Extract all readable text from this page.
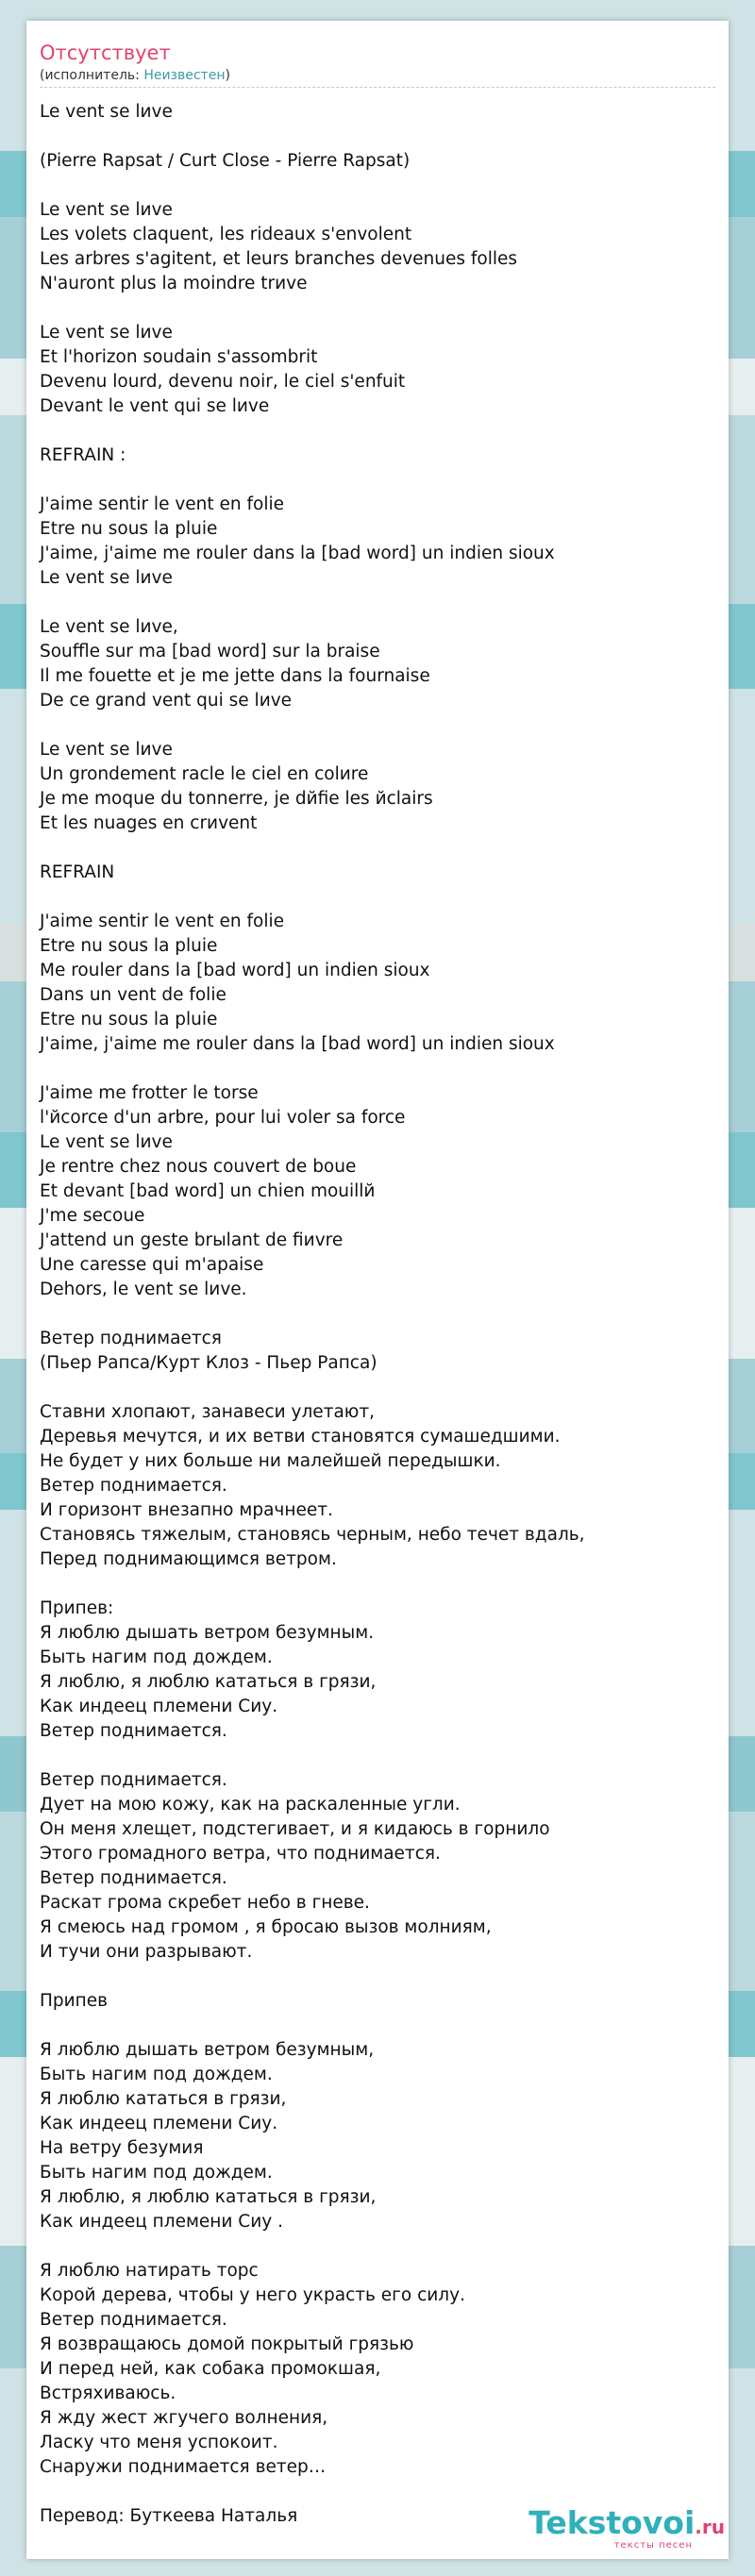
Отсутствует
(исполнитель: Неизвестен)
Le vent se lиve
(Pierre Rapsat / Curt Close - Pierre Rapsat)
Le vent se lиve
Les volets claquent, les rideaux s'envolent
Les arbres s'agitent, et leurs branches devenues folles
N'auront plus la moindre trиve
Le vent se lиve
Et l'horizon soudain s'assombrit
Devenu lourd, devenu noir, le ciel s'enfuit
Devant le vent qui se lиve
REFRAIN :
J'aime sentir le vent en folie
Etre nu sous la pluie
J'aime, j'aime me rouler dans la [bad word] un indien sioux
Le vent se lиve
Le vent se lиve,
Souffle sur ma [bad word] sur la braise
Il me fouette et je me jette dans la fournaise
De ce grand vent qui se lиve
Le vent se lиve
Un grondement racle le ciel en colиre
Je me moque du tonnerre, je dйfie les йclairs
Et les nuages en crиvent
REFRAIN
J'aime sentir le vent en folie
Etre nu sous la pluie
Me rouler dans la [bad word] un indien sioux
Dans un vent de folie
Etre nu sous la pluie
J'aime, j'aime me rouler dans la [bad word] un indien sioux
J'aime me frotter le torse
l'йcorce d'un arbre, pour lui voler sa force
Le vent se lиve
Je rentre chez nous couvert de boue
Et devant [bad word] un chien mouillй
J'me secoue
J'attend un geste brыlant de fiиvre
Une caresse qui m'apaise
Dehors, le vent se lиve.
Ветер поднимается
(Пьер Рапса/Курт Клоз - Пьер Рапса)
Ставни хлопают, занавеси улетают,
Деревья мечутся, и их ветви становятся сумашедшими.
Не будет у них больше ни малейшей передышки.
Ветер поднимается.
И горизонт внезапно мрачнеет.
Становясь тяжелым, становясь черным, небо течет вдаль,
Перед поднимающимся ветром.
Припев:
Я люблю дышать ветром безумным.
Быть нагим под дождем.
Я люблю, я люблю кататься в грязи,
Как индеец племени Сиу.
Ветер поднимается.
Ветер поднимается.
Дует на мою кожу, как на раскаленные угли.
Он меня хлещет, подстегивает, и я кидаюсь в горнило
Этого громадного ветра, что поднимается.
Ветер поднимается.
Раскат грома скребет небо в гневе.
Я смеюсь над громом , я бросаю вызов молниям,
И тучи они разрывают.
Припев
Я люблю дышать ветром безумным,
Быть нагим под дождем.
Я люблю кататься в грязи,
Как индеец племени Сиу.
На ветру безумия
Быть нагим под дождем.
Я люблю, я люблю кататься в грязи,
Как индеец племени Сиу .
Я люблю натирать торс
Корой дерева, чтобы у него украсть его силу.
Ветер поднимается.
Я возвращаюсь домой покрытый грязью
И перед ней, как собака промокшая,
Встряхиваюсь.
Я жду жест жгучего волнения,
Ласку что меня успокоит.
Снаружи поднимается ветер…
Перевод: Буткеева Наталья	Tekstovoi.ru
тексты песен
